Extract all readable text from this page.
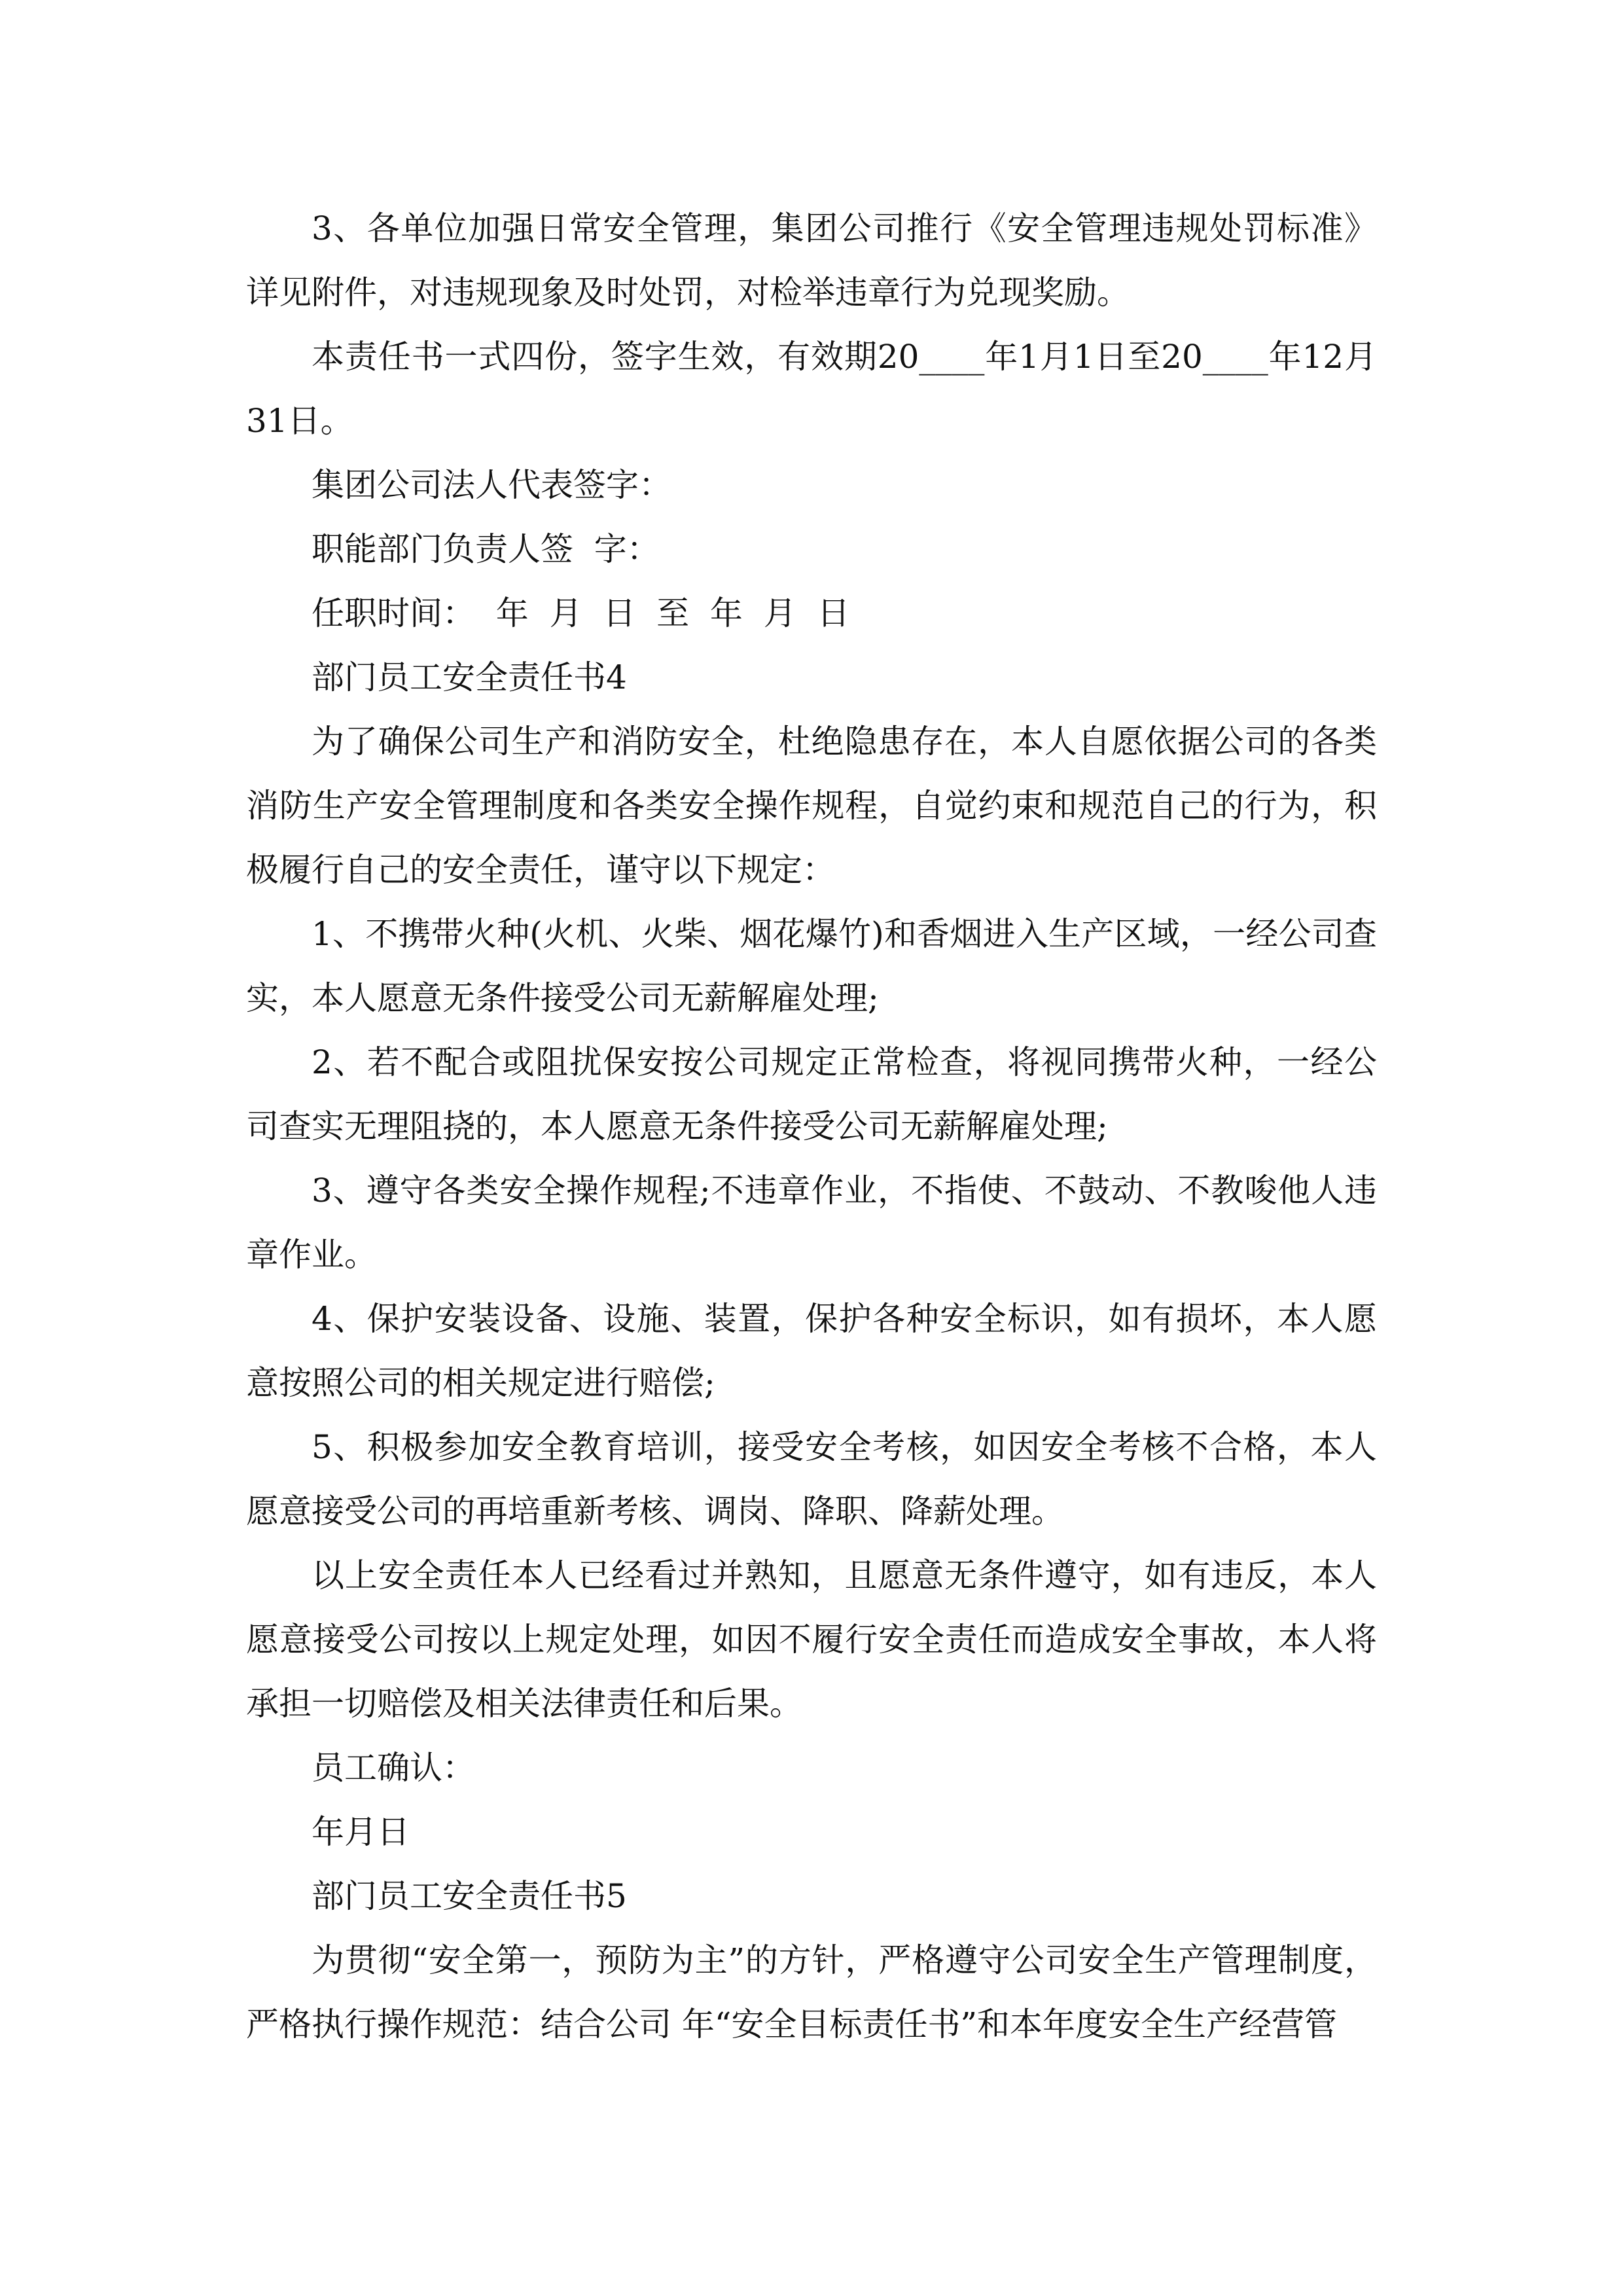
3、各单位加强日常安全管理，集团公司推行《安全管理违规处罚标准》详见附件，对违规现象及时处罚，对检举违章行为兑现奖励。

本责任书一式四份，签字生效，有效期20____年1月1日至20____年12月31日。

集团公司法人代表签字：

职能部门负责人签  字：

任职时间：  年  月  日  至  年  月  日

部门员工安全责任书4

为了确保公司生产和消防安全，杜绝隐患存在，本人自愿依据公司的各类消防生产安全管理制度和各类安全操作规程，自觉约束和规范自己的行为，积极履行自己的安全责任，谨守以下规定：

1、不携带火种(火机、火柴、烟花爆竹)和香烟进入生产区域，一经公司查实，本人愿意无条件接受公司无薪解雇处理;

2、若不配合或阻扰保安按公司规定正常检查，将视同携带火种，一经公司查实无理阻挠的，本人愿意无条件接受公司无薪解雇处理;

3、遵守各类安全操作规程;不违章作业，不指使、不鼓动、不教唆他人违章作业。

4、保护安装设备、设施、装置，保护各种安全标识，如有损坏，本人愿意按照公司的相关规定进行赔偿;

5、积极参加安全教育培训，接受安全考核，如因安全考核不合格，本人愿意接受公司的再培重新考核、调岗、降职、降薪处理。

以上安全责任本人已经看过并熟知，且愿意无条件遵守，如有违反，本人愿意接受公司按以上规定处理，如因不履行安全责任而造成安全事故，本人将承担一切赔偿及相关法律责任和后果。

员工确认：

年月日

部门员工安全责任书5

为贯彻“安全第一，预防为主”的方针，严格遵守公司安全生产管理制度，严格执行操作规范：结合公司 年“安全目标责任书”和本年度安全生产经营管
